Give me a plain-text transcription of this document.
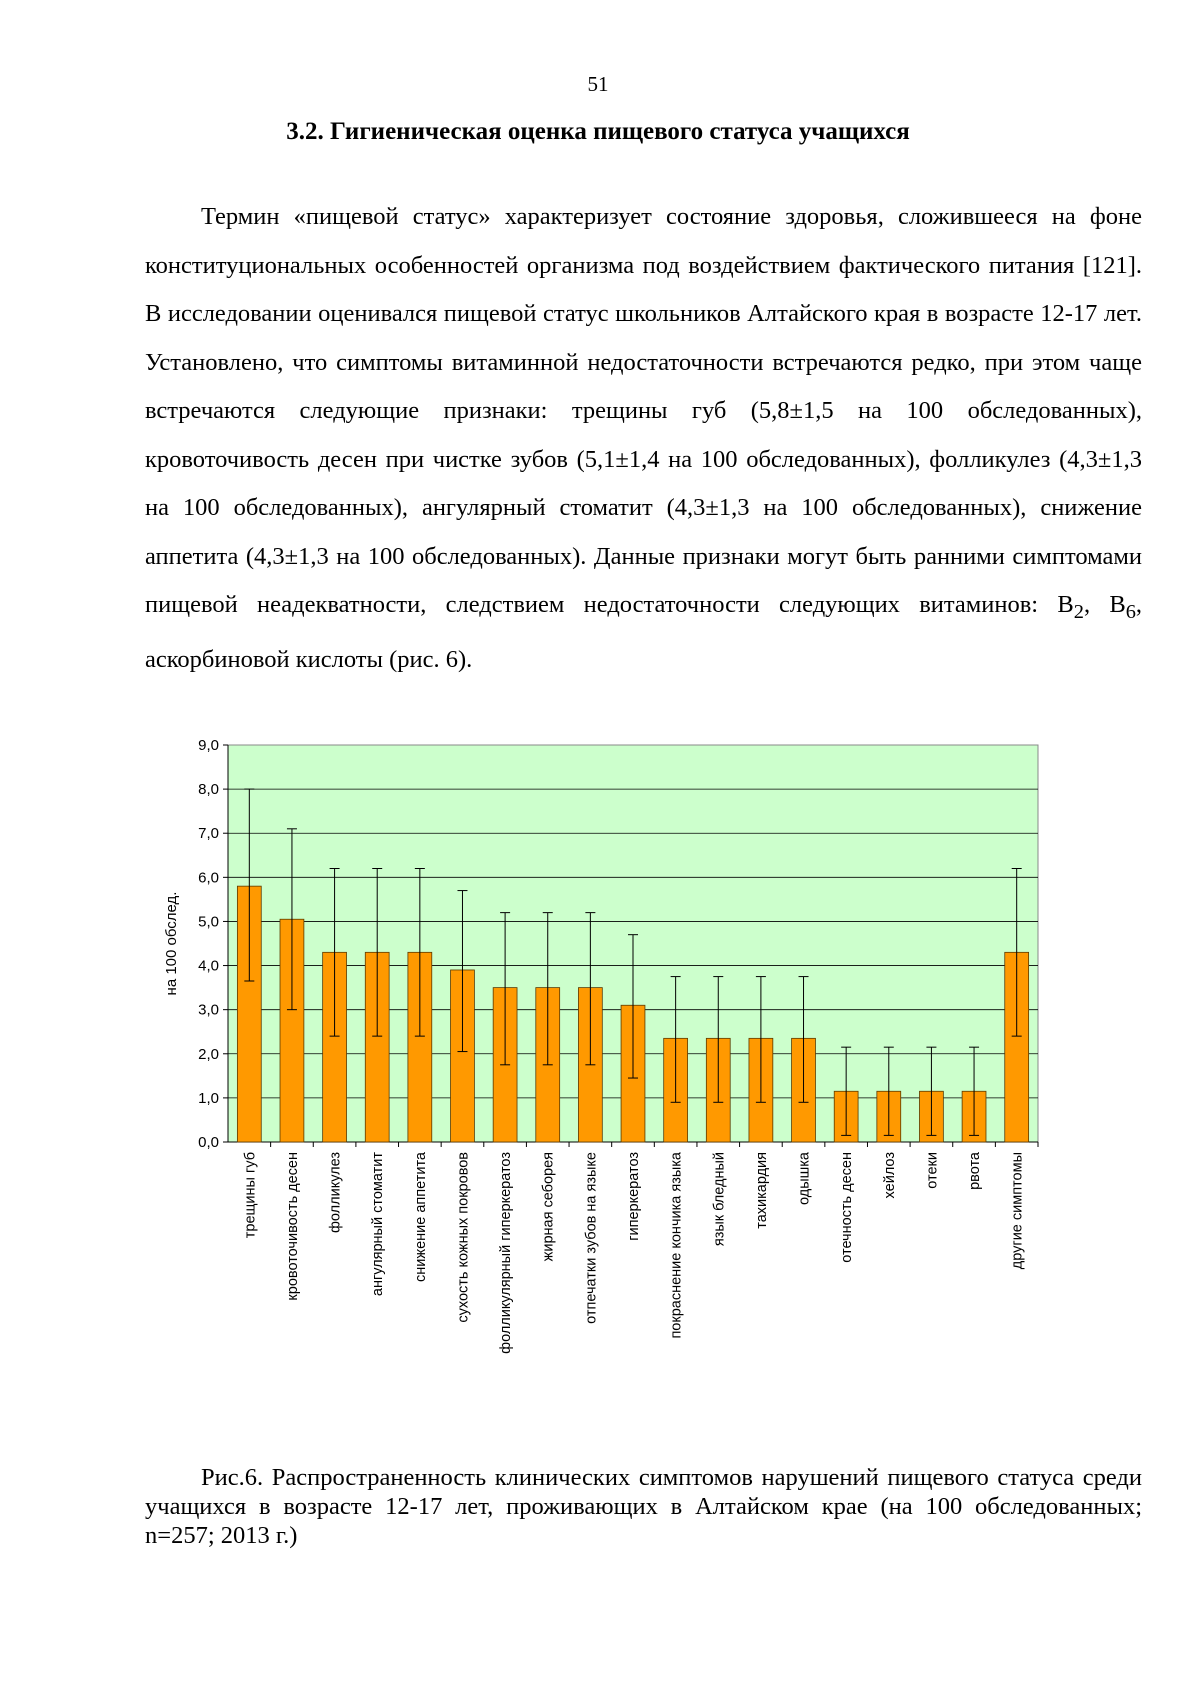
51
3.2. Гигиеническая оценка пищевого статуса учащихся

Термин «пищевой статус» характеризует состояние здоровья, сложившееся на фоне конституциональных особенностей организма под воздействием фактического питания [121]. В исследовании оценивался пищевой статус школьников Алтайского края в возрасте 12-17 лет. Установлено, что симптомы витаминной недостаточности встречаются редко, при этом чаще встречаются следующие признаки: трещины губ (5,8±1,5 на 100 обследованных), кровоточивость десен при чистке зубов (5,1±1,4 на 100 обследованных), фолликулез (4,3±1,3 на 100 обследованных), ангулярный стоматит (4,3±1,3 на 100 обследованных), снижение аппетита (4,3±1,3 на 100 обследованных). Данные признаки могут быть ранними симптомами пищевой неадекватности, следствием недостаточности следующих витаминов: $В_2$, $В_6$, аскорбиновой кислоты (рис. 6).

0,0
1,0
2,0
3,0
4,0
5,0
6,0
7,0
8,0
9,0
на 100 обслед.
трещины губ кровоточивость десен фолликулез ангулярный стоматит снижение аппетита сухость кожных покровов фолликулярный гиперкератоз жирная себорея отпечатки зубов на языке гиперкератоз покраснение кончика языка язык бледный тахикардия одышка отечность десен хейлоз отеки рвота другие симптомы

Рис.6. Распространенность клинических симптомов нарушений пищевого статуса среди учащихся в возрасте 12-17 лет, проживающих в Алтайском крае (на 100 обследованных; n=257; 2013 г.)
